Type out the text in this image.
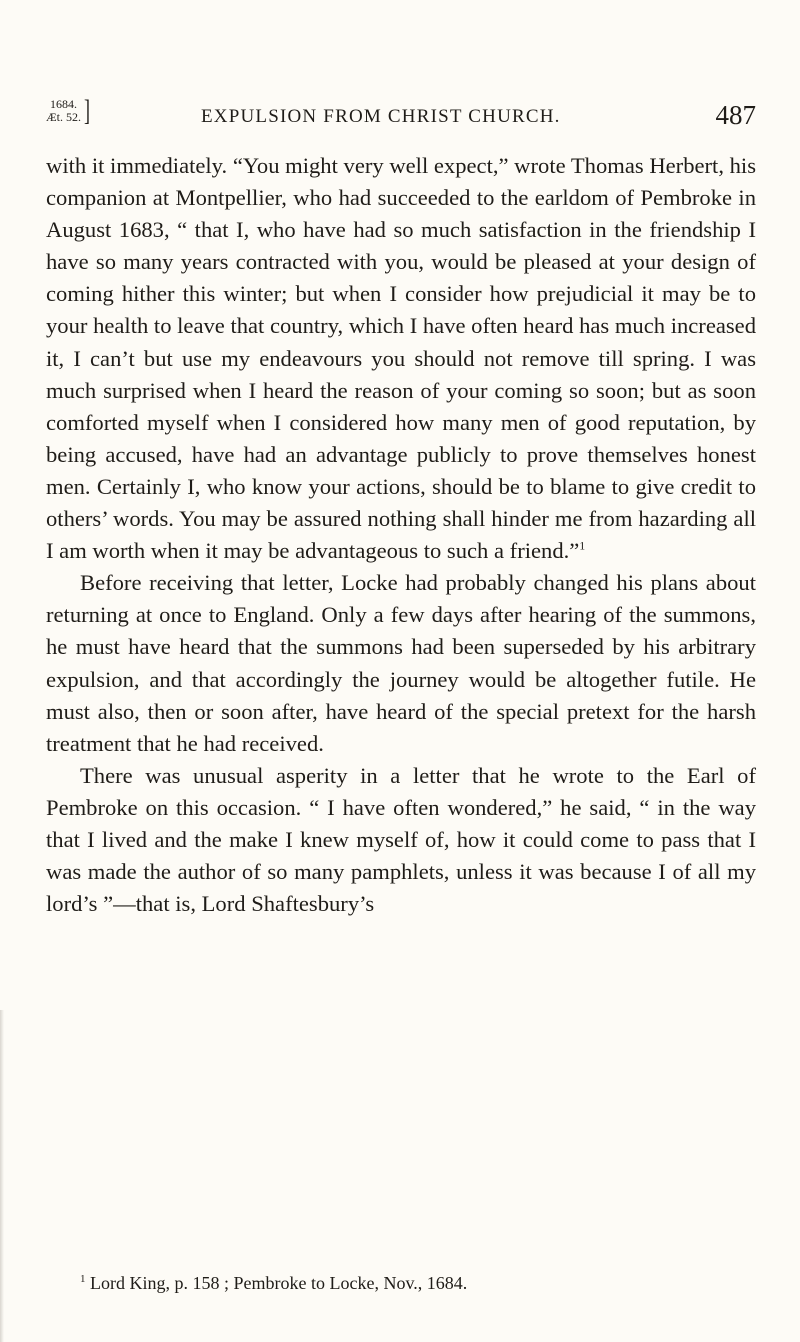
1684.
Æt. 52. ]	EXPULSION FROM CHRIST CHURCH.	487

with it immediately. “You might very well expect,” wrote Thomas Herbert, his companion at Montpellier, who had succeeded to the earldom of Pembroke in August 1683, “ that I, who have had so much satisfaction in the friendship I have so many years contracted with you, would be pleased at your design of coming hither this winter; but when I consider how prejudicial it may be to your health to leave that country, which I have often heard has much increased it, I can’t but use my endeavours you should not remove till spring. I was much surprised when I heard the reason of your coming so soon; but as soon comforted myself when I considered how many men of good reputation, by being accused, have had an advantage publicly to prove themselves honest men. Certainly I, who know your actions, should be to blame to give credit to others’ words. You may be assured nothing shall hinder me from hazarding all I am worth when it may be advantageous to such a friend.”$^1$

Before receiving that letter, Locke had probably changed his plans about returning at once to England. Only a few days after hearing of the summons, he must have heard that the summons had been superseded by his arbitrary expulsion, and that accordingly the journey would be altogether futile. He must also, then or soon after, have heard of the special pretext for the harsh treatment that he had received.

There was unusual asperity in a letter that he wrote to the Earl of Pembroke on this occasion. “ I have often wondered,” he said, “ in the way that I lived and the make I knew myself of, how it could come to pass that I was made the author of so many pamphlets, unless it was because I of all my lord’s ”—that is, Lord Shaftesbury’s

$^1$ Lord King, p. 158 ; Pembroke to Locke, Nov., 1684.
